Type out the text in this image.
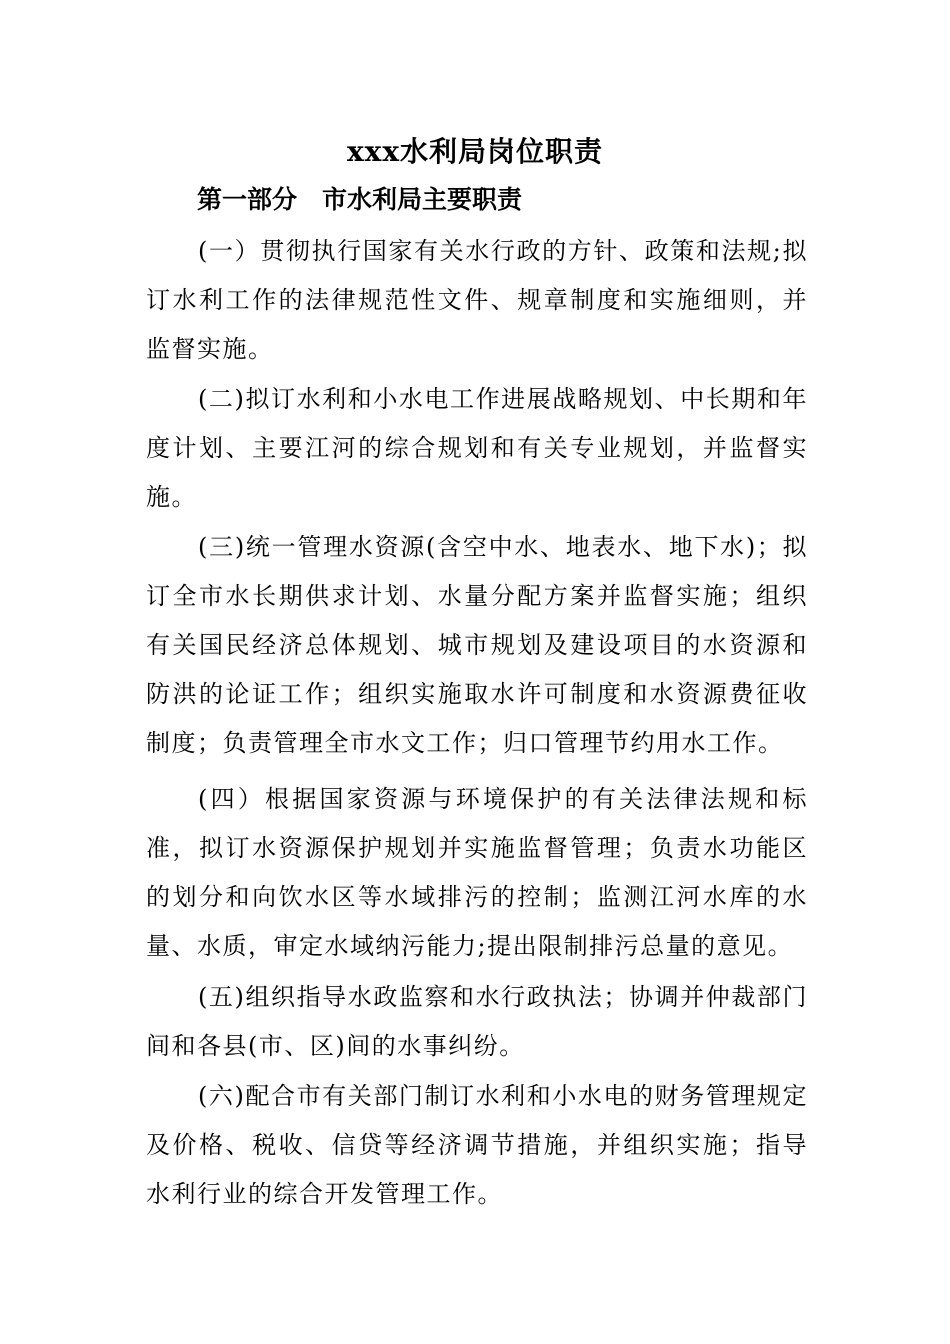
xxx水利局岗位职责
第一部分　市水利局主要职责

(一）贯彻执行国家有关水行政的方针、政策和法规;拟订水利工作的法律规范性文件、规章制度和实施细则，并监督实施。

(二)拟订水利和小水电工作进展战略规划、中长期和年度计划、主要江河的综合规划和有关专业规划，并监督实施。

(三)统一管理水资源(含空中水、地表水、地下水)；拟订全市水长期供求计划、水量分配方案并监督实施；组织有关国民经济总体规划、城市规划及建设项目的水资源和防洪的论证工作；组织实施取水许可制度和水资源费征收制度；负责管理全市水文工作；归口管理节约用水工作。

(四）根据国家资源与环境保护的有关法律法规和标准，拟订水资源保护规划并实施监督管理；负责水功能区的划分和向饮水区等水域排污的控制；监测江河水库的水量、水质，审定水域纳污能力;提出限制排污总量的意见。

(五)组织指导水政监察和水行政执法；协调并仲裁部门间和各县(市、区)间的水事纠纷。

(六)配合市有关部门制订水利和小水电的财务管理规定及价格、税收、信贷等经济调节措施，并组织实施；指导水利行业的综合开发管理工作。
